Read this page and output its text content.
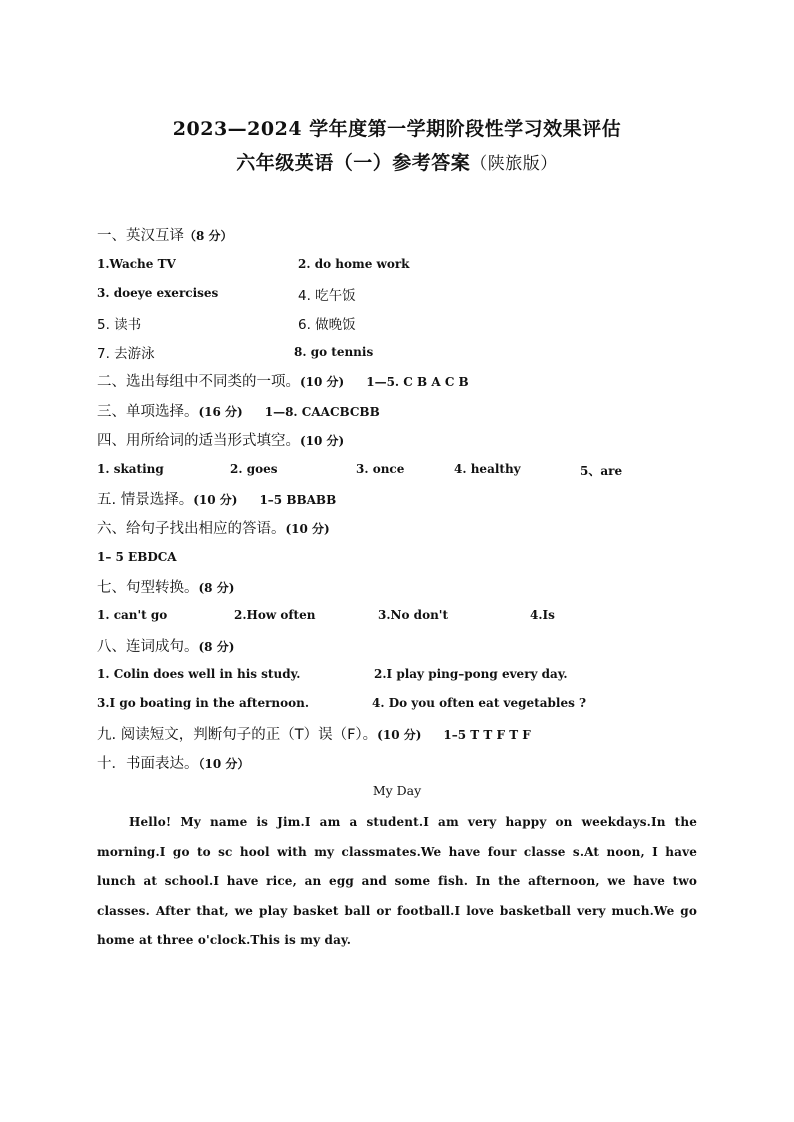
2023—2024 学年度第一学期阶段性学习效果评估
六年级英语（一）参考答案（陕旅版）
一、英汉互译（8 分）
1.Wache TV	2. do home work
3. doeye exercises	4. 吃午饭
5. 读书	6. 做晚饭
7. 去游泳	8. go tennis
二、选出每组中不同类的一项。(10 分) 1—5. C B A C B
三、单项选择。(16 分) 1—8. CAACBCBB
四、用所给词的适当形式填空。(10 分)
1. skating	2. goes	3. once	4. healthy	5、are
五. 情景选择。(10 分) 1–5 BBABB
六、给句子找出相应的答语。(10 分)
1– 5 EBDCA
七、句型转换。(8 分)
1. can't go	2.How often	3.No don't	4.Is
八、连词成句。(8 分)
1. Colin does well in his study.	2.I play ping–pong every day.
3.I go boating in the afternoon.	4. Do you often eat vegetables ?
九. 阅读短文，判断句子的正（T）误（F）。(10 分) 1–5 T T F T F
十．书面表达。（10 分）
My Day
Hello! My name is Jim.I am a student.I am very happy on weekdays.In the morning.I go to sc hool with my classmates.We have four classe s.At noon, I have lunch at school.I have rice, an egg and some fish. In the afternoon, we have two classes. After that, we play basket ball or football.I love basketball very much.We go home at three o'clock.This is my day.
